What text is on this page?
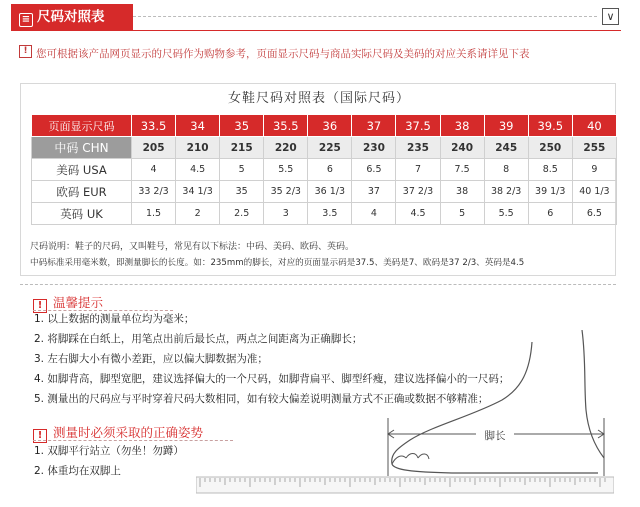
≡ 尺码对照表	∨
! 您可根据该产品网页显示的尺码作为购物参考，页面显示尺码与商品实际尺码及美码的对应关系请详见下表
女鞋尺码对照表（国际尺码）
页面显示尺码	33.5	34	35	35.5	36	37	37.5	38	39	39.5	40
中码 CHN	205	210	215	220	225	230	235	240	245	250	255
美码 USA	4	4.5	5	5.5	6	6.5	7	7.5	8	8.5	9
欧码 EUR	33 2/3	34 1/3	35	35 2/3	36 1/3	37	37 2/3	38	38 2/3	39 1/3	40 1/3
英码 UK	1.5	2	2.5	3	3.5	4	4.5	5	5.5	6	6.5
尺码说明：鞋子的尺码，又叫鞋号，常见有以下标法：中码、美码、欧码、英码。
中码标准采用毫米数，即测量脚长的长度。如：235mm的脚长，对应的页面显示码是37.5、美码是7、欧码是37 2/3、英码是4.5
! 温馨提示
1. 以上数据的测量单位均为毫米；
2. 将脚踩在白纸上，用笔点出前后最长点，两点之间距离为正确脚长；
3. 左右脚大小有微小差距，应以偏大脚数据为准；
4. 如脚背高，脚型宽肥，建议选择偏大的一个尺码，如脚背扁平、脚型纤瘦，建议选择偏小的一尺码；
5. 测量出的尺码应与平时穿着尺码大数相同，如有较大偏差说明测量方式不正确或数据不够精准；
! 测量时必须采取的正确姿势
1. 双脚平行站立（勿坐！勿蹲）
2. 体重均在双脚上
脚长
